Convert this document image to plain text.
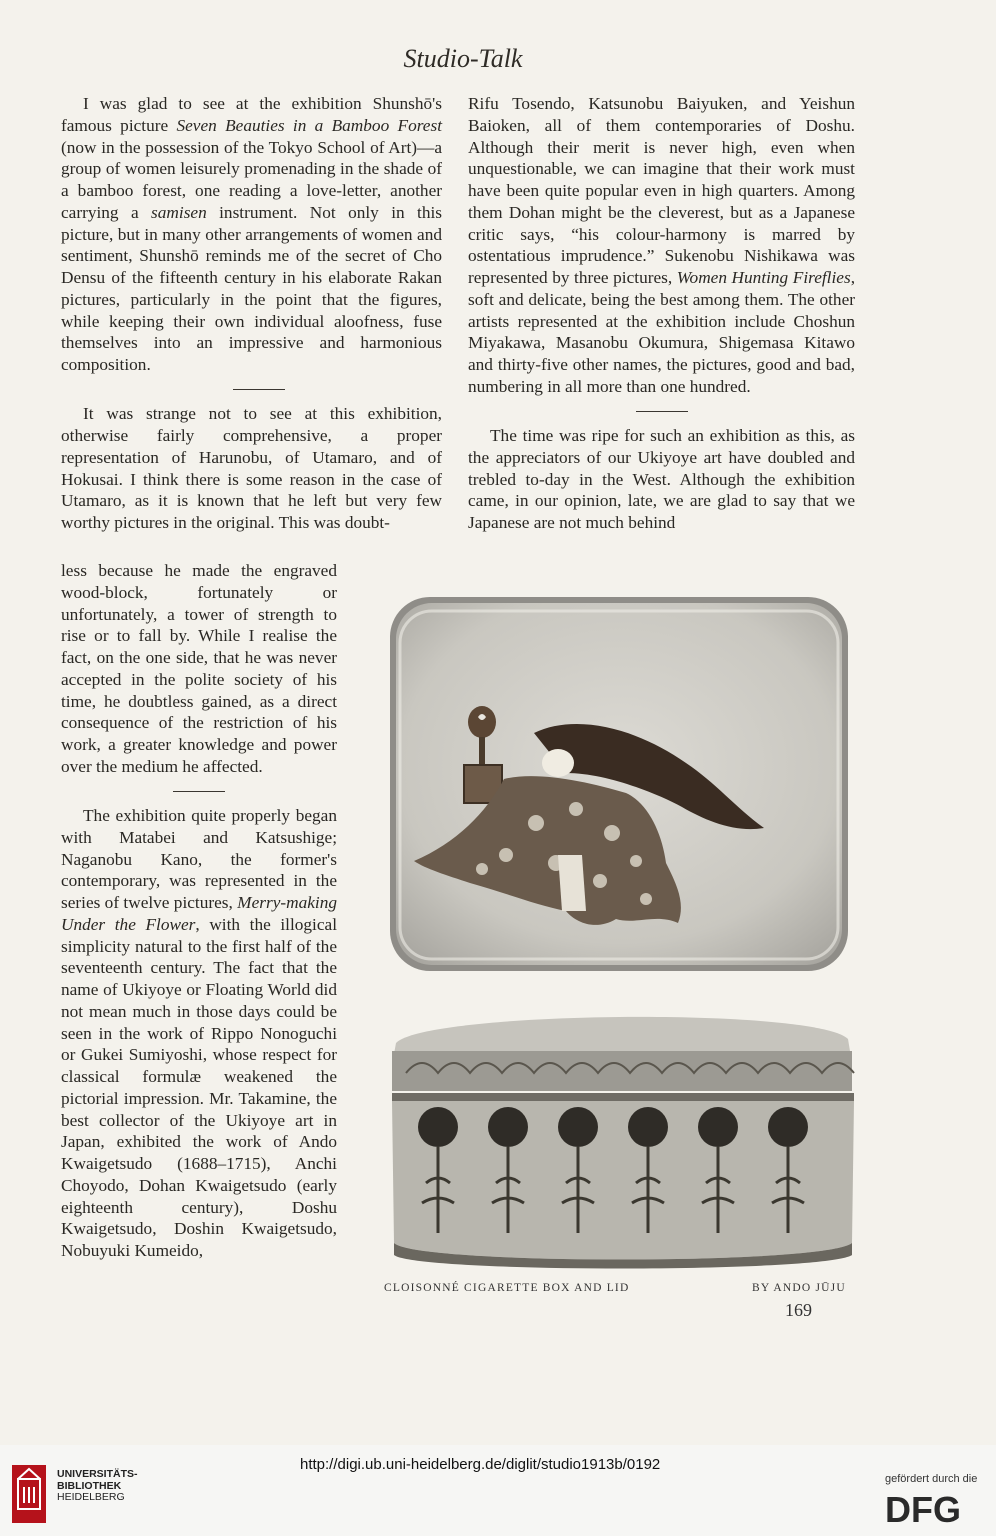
Studio-Talk

I was glad to see at the exhibition Shunshō's famous picture Seven Beauties in a Bamboo Forest (now in the possession of the Tokyo School of Art)—a group of women leisurely promenading in the shade of a bamboo forest, one reading a love-letter, another carrying a samisen instrument. Not only in this picture, but in many other arrangements of women and sentiment, Shunshō reminds me of the secret of Cho Densu of the fifteenth century in his elaborate Rakan pictures, particularly in the point that the figures, while keeping their own individual aloofness, fuse themselves into an impressive and harmonious composition.

It was strange not to see at this exhibition, otherwise fairly comprehensive, a proper representation of Harunobu, of Utamaro, and of Hokusai. I think there is some reason in the case of Utamaro, as it is known that he left but very few worthy pictures in the original. This was doubt-

less because he made the engraved wood-block, fortunately or unfortunately, a tower of strength to rise or to fall by. While I realise the fact, on the one side, that he was never accepted in the polite society of his time, he doubtless gained, as a direct consequence of the restriction of his work, a greater knowledge and power over the medium he affected.

The exhibition quite properly began with Matabei and Katsushige; Naganobu Kano, the former's contemporary, was represented in the series of twelve pictures, Merry-making Under the Flower, with the illogical simplicity natural to the first half of the seventeenth century. The fact that the name of Ukiyoye or Floating World did not mean much in those days could be seen in the work of Rippo Nonoguchi or Gukei Sumiyoshi, whose respect for classical formulæ weakened the pictorial impression. Mr. Takamine, the best collector of the Ukiyoye art in Japan, exhibited the work of Ando Kwaigetsudo (1688–1715), Anchi Choyodo, Dohan Kwaigetsudo (early eighteenth century), Doshu Kwaigetsudo, Doshin Kwaigetsudo, Nobuyuki Kumeido,

Rifu Tosendo, Katsunobu Baiyuken, and Yeishun Baioken, all of them contemporaries of Doshu. Although their merit is never high, even when unquestionable, we can imagine that their work must have been quite popular even in high quarters. Among them Dohan might be the cleverest, but as a Japanese critic says, “his colour-harmony is marred by ostentatious imprudence.” Sukenobu Nishikawa was represented by three pictures, Women Hunting Fireflies, soft and delicate, being the best among them. The other artists represented at the exhibition include Choshun Miyakawa, Masanobu Okumura, Shigemasa Kitawo and thirty-five other names, the pictures, good and bad, numbering in all more than one hundred.

The time was ripe for such an exhibition as this, as the appreciators of our Ukiyoye art have doubled and trebled to-day in the West. Although the exhibition came, in our opinion, late, we are glad to say that we Japanese are not much behind

CLOISONNÉ CIGARETTE BOX AND LID	BY ANDO JŪJU
169
UNIVERSITÄTS-
BIBLIOTHEK
HEIDELBERG
http://digi.ub.uni-heidelberg.de/diglit/studio1913b/0192
gefördert durch die
DFG
